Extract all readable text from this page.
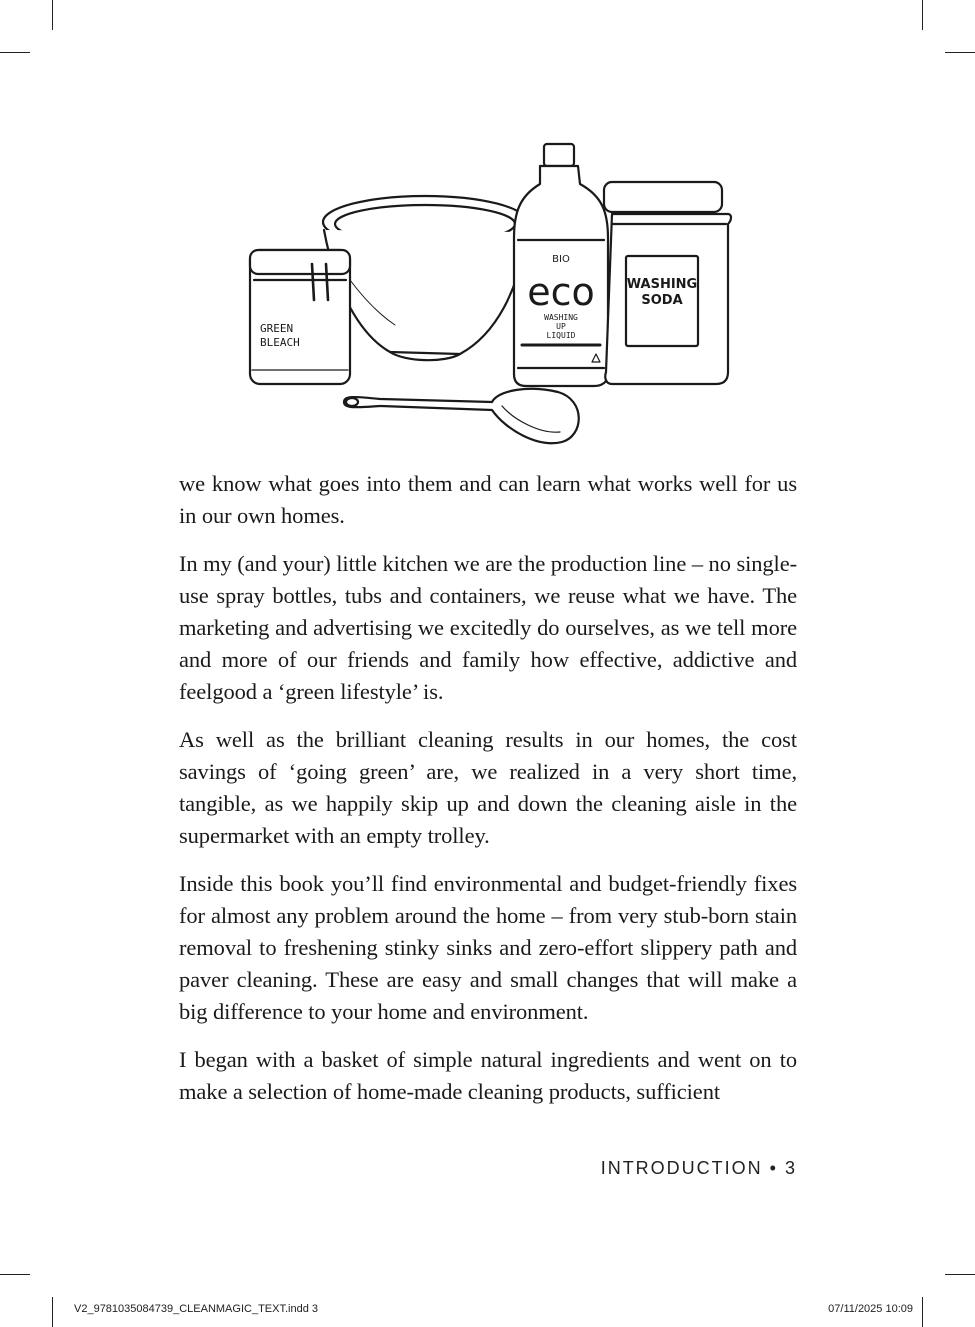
GREEN
BLEACH
BIO
eco
WASHING
UP
LIQUID
WASHING
SODA

we know what goes into them and can learn what works well for us in our own homes.

In my (and your) little kitchen we are the production line – no single-use spray bottles, tubs and containers, we reuse what we have. The marketing and advertising we excitedly do ourselves, as we tell more and more of our friends and family how effective, addictive and feelgood a ‘green lifestyle’ is.

As well as the brilliant cleaning results in our homes, the cost savings of ‘going green’ are, we realized in a very short time, tangible, as we happily skip up and down the cleaning aisle in the supermarket with an empty trolley.

Inside this book you’ll find environmental and budget-friendly fixes for almost any problem around the home – from very stub-born stain removal to freshening stinky sinks and zero-effort slippery path and paver cleaning. These are easy and small changes that will make a big difference to your home and environment.

I began with a basket of simple natural ingredients and went on to make a selection of home-made cleaning products, sufficient

INTRODUCTION • 3
V2_9781035084739_CLEANMAGIC_TEXT.indd 3	07/11/2025 10:09
